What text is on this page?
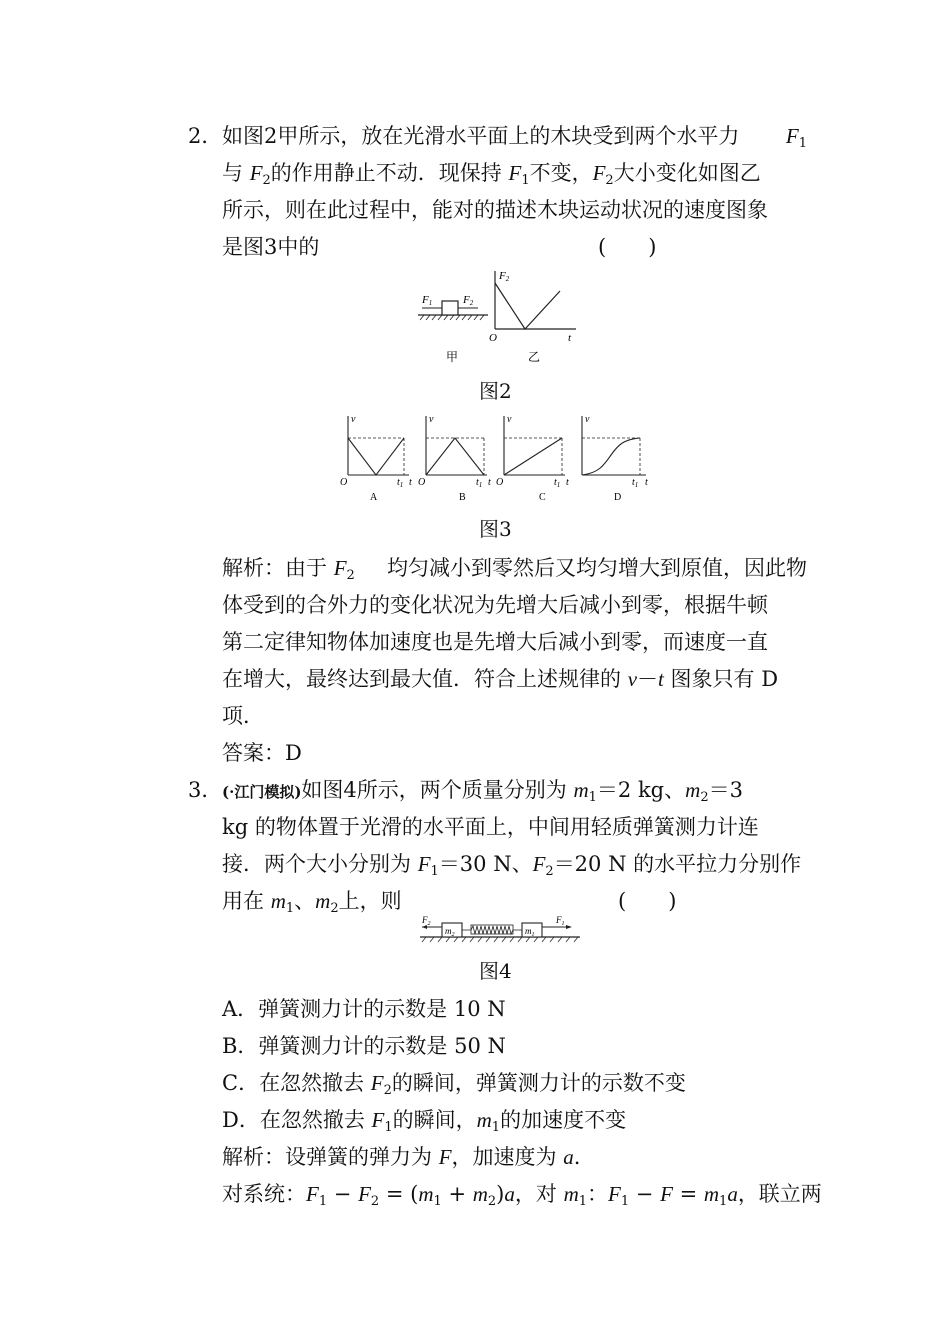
2． 如图2甲所示，放在光滑水平面上的木块受到两个水平力 $F_1$
与 $F_2$的作用静止不动．现保持 $F_1$不变，$F_2$大小变化如图乙
所示，则在此过程中，能对的描述木块运动状况的速度图象
是图3中的	(　　)
F1	F2
F2
O	t
甲	乙
图2
v
O	$t_1$ t
A
v
O	$t_1$ t
B
v
O	$t_1$ t
C
v
$t_1$ t
D
图3
解析：由于 $F_2$ 均匀减小到零然后又均匀增大到原值，因此物
体受到的合外力的变化状况为先增大后减小到零，根据牛顿
第二定律知物体加速度也是先增大后减小到零，而速度一直
在增大，最终达到最大值．符合上述规律的 v－t 图象只有 D
项．
答案：D
3． (·江门模拟)如图4所示，两个质量分别为 $m_1=2$ kg、$m_2=3$
kg 的物体置于光滑的水平面上，中间用轻质弹簧测力计连
接．两个大小分别为 $F_1=30$ N、$F_2=20$ N 的水平拉力分别作
用在 $m_1$、$m_2$上，则	(　　)
$m_2$	$m_1$
$F_2$	$F_1$
图4
A．弹簧测力计的示数是 10 N
B．弹簧测力计的示数是 50 N
C．在忽然撤去 $F_2$的瞬间，弹簧测力计的示数不变
D．在忽然撤去 $F_1$的瞬间，$m_1$的加速度不变
解析：设弹簧的弹力为 F，加速度为 a.
对系统： $F_1 - F_2 = (m_1 + m_2)a$ ，对 $m_1$： $F_1 - F = m_1a$ ，联立两
